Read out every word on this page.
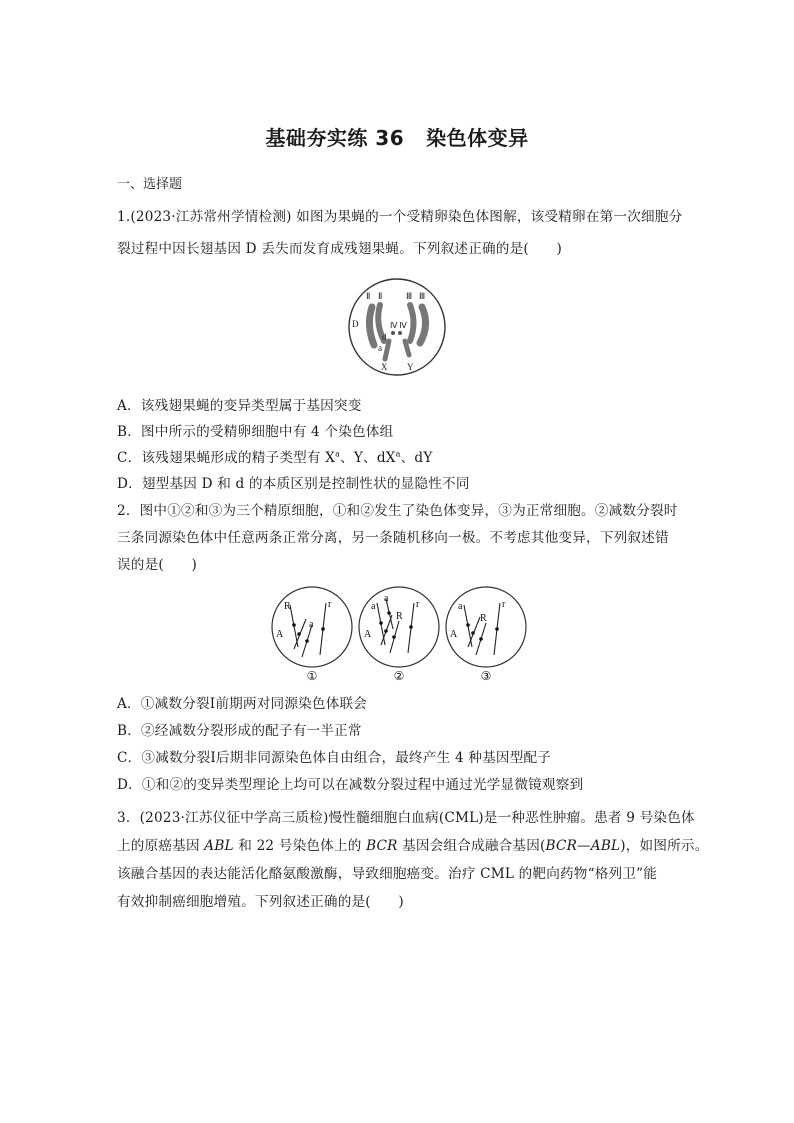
基础夯实练 36 染色体变异
一、选择题
1.(2023·江苏常州学情检测) 如图为果蝇的一个受精卵染色体图解，该受精卵在第一次细胞分
裂过程中因长翅基因 D 丢失而发育成残翅果蝇。下列叙述正确的是(　　)
Ⅱ Ⅱ	Ⅲ Ⅲ
D	Ⅳ Ⅳ
d
a
X Y
A．该残翅果蝇的变异类型属于基因突变
B．图中所示的受精卵细胞中有 4 个染色体组
C．该残翅果蝇形成的精子类型有 $X^a$、Y、$dX^a$、dY
D．翅型基因 D 和 d 的本质区别是控制性状的显隐性不同
2．图中①②和③为三个精原细胞，①和②发生了染色体变异，③为正常细胞。②减数分裂时
三条同源染色体中任意两条正常分离，另一条随机移向一极。不考虑其他变异，下列叙述错
误的是(　　)
R	r
A
a
a
a
R
r
A
a
R
r
A
①	②	③
A．①减数分裂Ⅰ前期两对同源染色体联会
B．②经减数分裂形成的配子有一半正常
C．③减数分裂Ⅰ后期非同源染色体自由组合，最终产生 4 种基因型配子
D．①和②的变异类型理论上均可以在减数分裂过程中通过光学显微镜观察到
3．(2023·江苏仪征中学高三质检)慢性髓细胞白血病(CML)是一种恶性肿瘤。患者 9 号染色体
上的原癌基因 ABL 和 22 号染色体上的 BCR 基因会组合成融合基因(BCR—ABL)，如图所示。
该融合基因的表达能活化酪氨酸激酶，导致细胞癌变。治疗 CML 的靶向药物“格列卫”能
有效抑制癌细胞增殖。下列叙述正确的是(　　)
